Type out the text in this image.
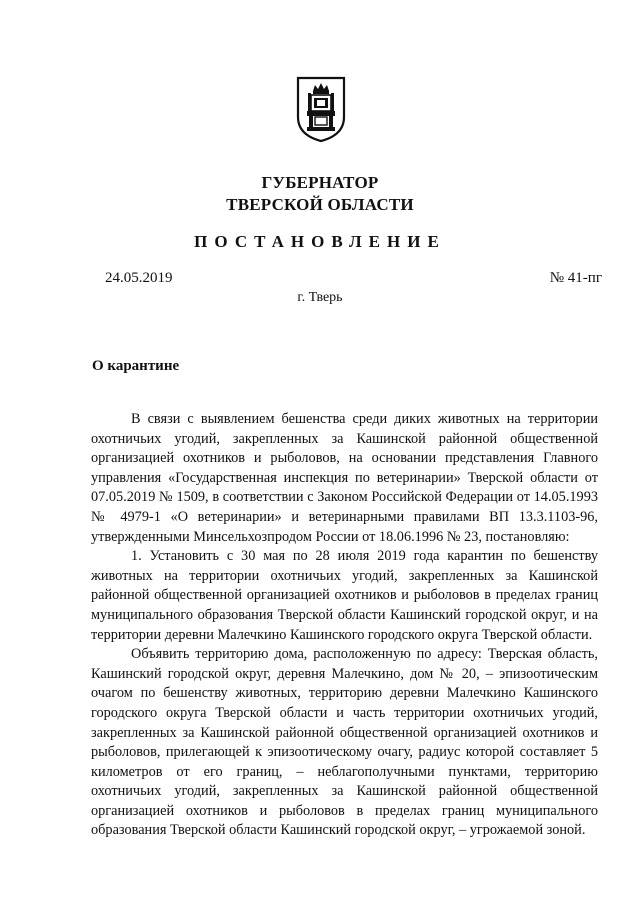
ГУБЕРНАТОР
ТВЕРСКОЙ ОБЛАСТИ
ПОСТАНОВЛЕНИЕ
24.05.2019	№ 41-пг
г. Тверь
О карантине

В связи с выявлением бешенства среди диких животных на территории охотничьих угодий, закрепленных за Кашинской районной общественной организацией охотников и рыболовов, на основании представления Главного управления «Государственная инспекция по ветеринарии» Тверской области от 07.05.2019 № 1509, в соответствии с Законом Российской Федерации от 14.05.1993 № 4979-1 «О ветеринарии» и ветеринарными правилами ВП 13.3.1103-96, утвержденными Минсельхозпродом России от 18.06.1996 № 23, постановляю:

1. Установить с 30 мая по 28 июля 2019 года карантин по бешенству животных на территории охотничьих угодий, закрепленных за Кашинской районной общественной организацией охотников и рыболовов в пределах границ муниципального образования Тверской области Кашинский городской округ, и на территории деревни Малечкино Кашинского городского округа Тверской области.

Объявить территорию дома, расположенную по адресу: Тверская область, Кашинский городской округ, деревня Малечкино, дом № 20, – эпизоотическим очагом по бешенству животных, территорию деревни Малечкино Кашинского городского округа Тверской области и часть территории охотничьих угодий, закрепленных за Кашинской районной общественной организацией охотников и рыболовов, прилегающей к эпизоотическому очагу, радиус которой составляет 5 километров от его границ, – неблагополучными пунктами, территорию охотничьих угодий, закрепленных за Кашинской районной общественной организацией охотников и рыболовов в пределах границ муниципального образования Тверской области Кашинский городской округ, – угрожаемой зоной.
